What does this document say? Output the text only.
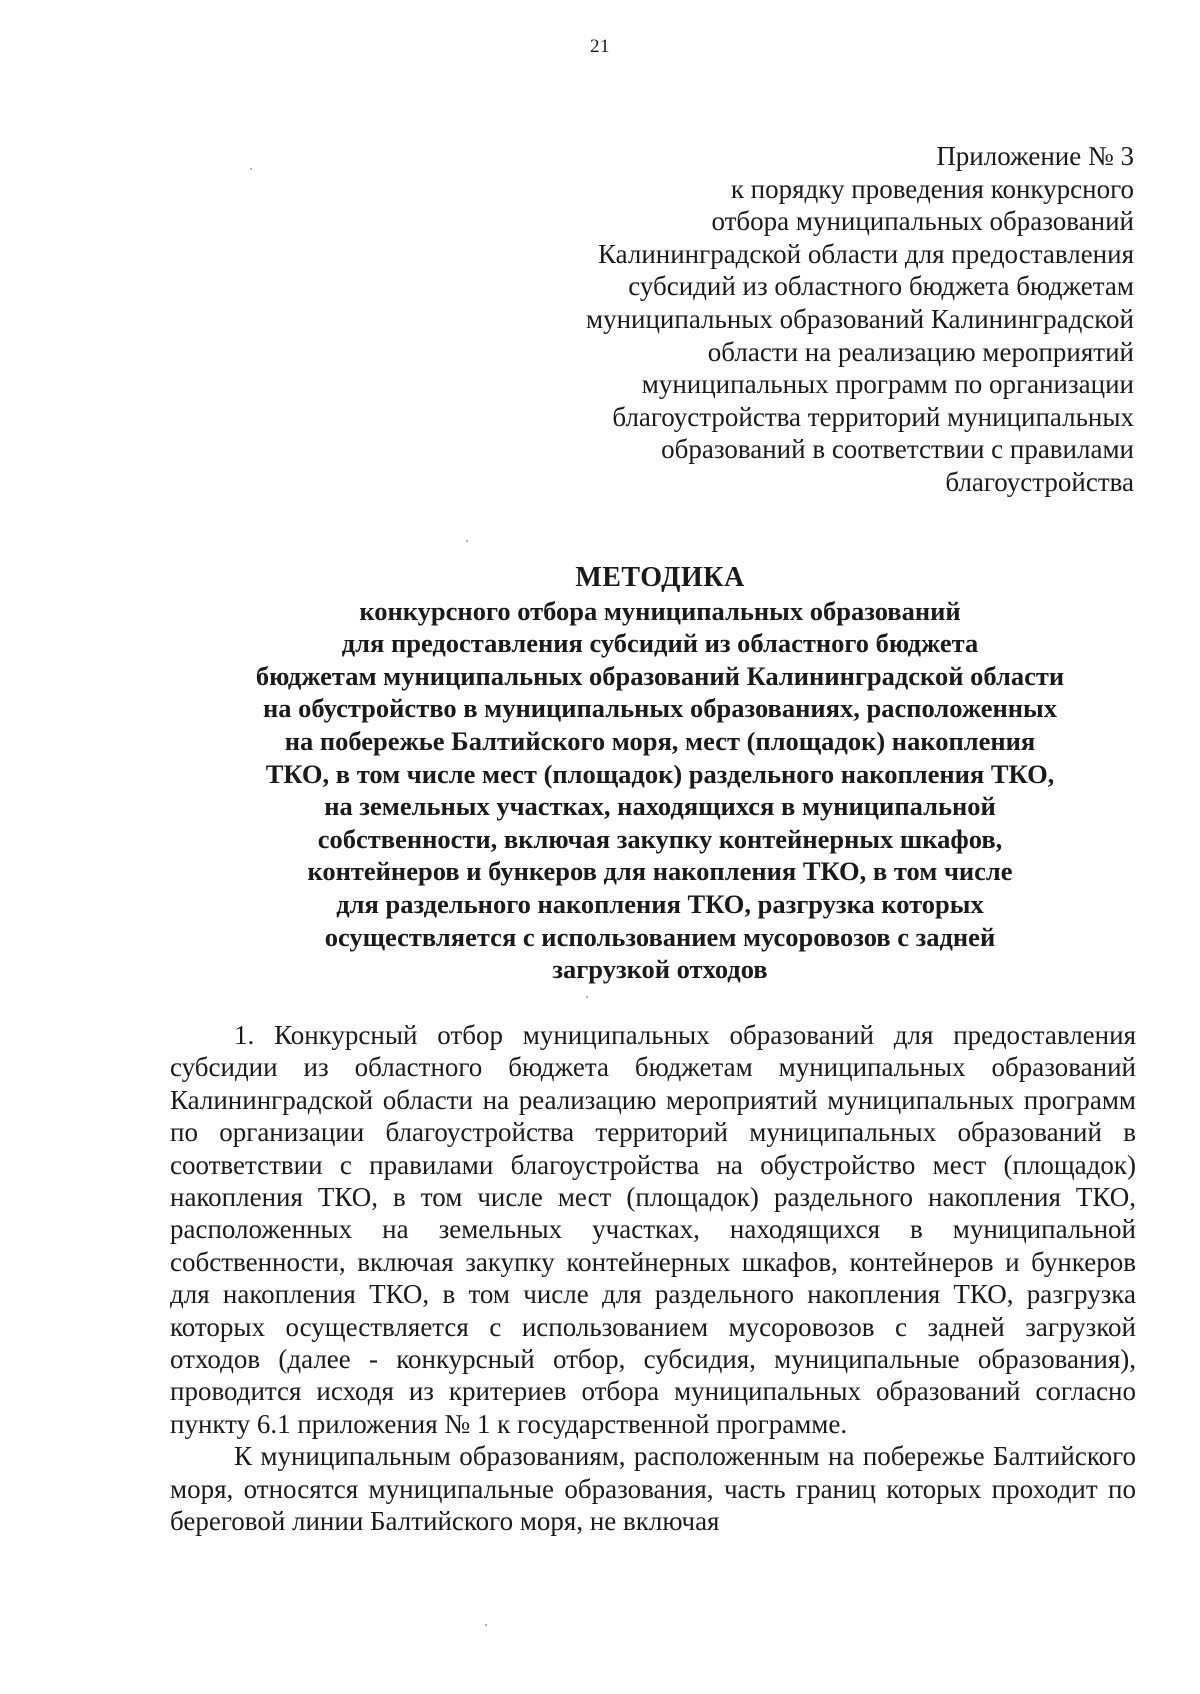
21
Приложение № 3
к порядку проведения конкурсного
отбора муниципальных образований
Калининградской области для предоставления
субсидий из областного бюджета бюджетам
муниципальных образований Калининградской
области на реализацию мероприятий
муниципальных программ по организации
благоустройства территорий муниципальных
образований в соответствии с правилами
благоустройства
МЕТОДИКА
конкурсного отбора муниципальных образований
для предоставления субсидий из областного бюджета
бюджетам муниципальных образований Калининградской области
на обустройство в муниципальных образованиях, расположенных
на побережье Балтийского моря, мест (площадок) накопления
ТКО, в том числе мест (площадок) раздельного накопления ТКО,
на земельных участках, находящихся в муниципальной
собственности, включая закупку контейнерных шкафов,
контейнеров и бункеров для накопления ТКО, в том числе
для раздельного накопления ТКО, разгрузка которых
осуществляется с использованием мусоровозов с задней
загрузкой отходов

1. Конкурсный отбор муниципальных образований для предоставления субсидии из областного бюджета бюджетам муниципальных образований Калининградской области на реализацию мероприятий муниципальных программ по организации благоустройства территорий муниципальных образований в соответствии с правилами благоустройства на обустройство мест (площадок) накопления ТКО, в том числе мест (площадок) раздельного накопления ТКО, расположенных на земельных участках, находящихся в муниципальной собственности, включая закупку контейнерных шкафов, контейнеров и бункеров для накопления ТКО, в том числе для раздельного накопления ТКО, разгрузка которых осуществляется с использованием мусоровозов с задней загрузкой отходов (далее - конкурсный отбор, субсидия, муниципальные образования), проводится исходя из критериев отбора муниципальных образований согласно пункту 6.1 приложения № 1 к государственной программе.

К муниципальным образованиям, расположенным на побережье Балтийского моря, относятся муниципальные образования, часть границ которых проходит по береговой линии Балтийского моря, не включая
